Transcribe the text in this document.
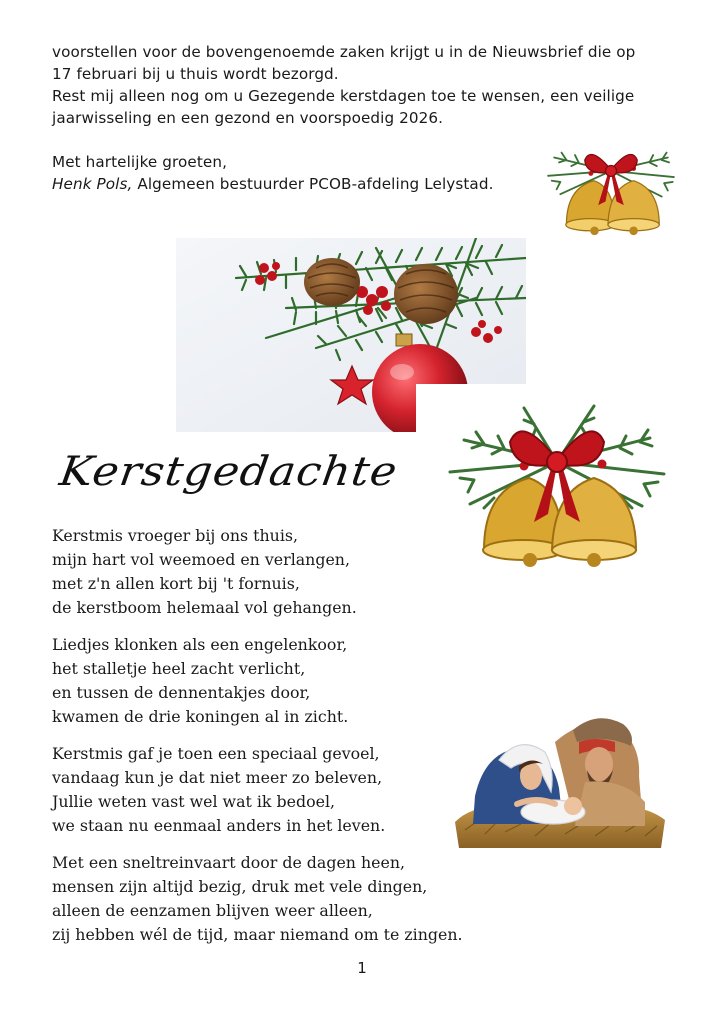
voorstellen voor de bovengenoemde zaken krijgt u in de Nieuwsbrief die op

17 februari bij u thuis wordt bezorgd.

Rest mij alleen nog om u Gezegende kerstdagen toe te wensen, een veilige

jaarwisseling en een gezond en voorspoedig 2026.

Met hartelijke groeten,

Henk Pols, Algemeen bestuurder PCOB-afdeling Lelystad.

Kerstgedachte
Kerstmis vroeger bij ons thuis,
mijn hart vol weemoed en verlangen,
met z'n allen kort bij 't fornuis,
de kerstboom helemaal vol gehangen.
Liedjes klonken als een engelenkoor,
het stalletje heel zacht verlicht,
en tussen de dennentakjes door,
kwamen de drie koningen al in zicht.
Kerstmis gaf je toen een speciaal gevoel,
vandaag kun je dat niet meer zo beleven,
Jullie weten vast wel wat ik bedoel,
we staan nu eenmaal anders in het leven.
Met een sneltreinvaart door de dagen heen,
mensen zijn altijd bezig, druk met vele dingen,
alleen de eenzamen blijven weer alleen,
zij hebben wél de tijd, maar niemand om te zingen.
1
